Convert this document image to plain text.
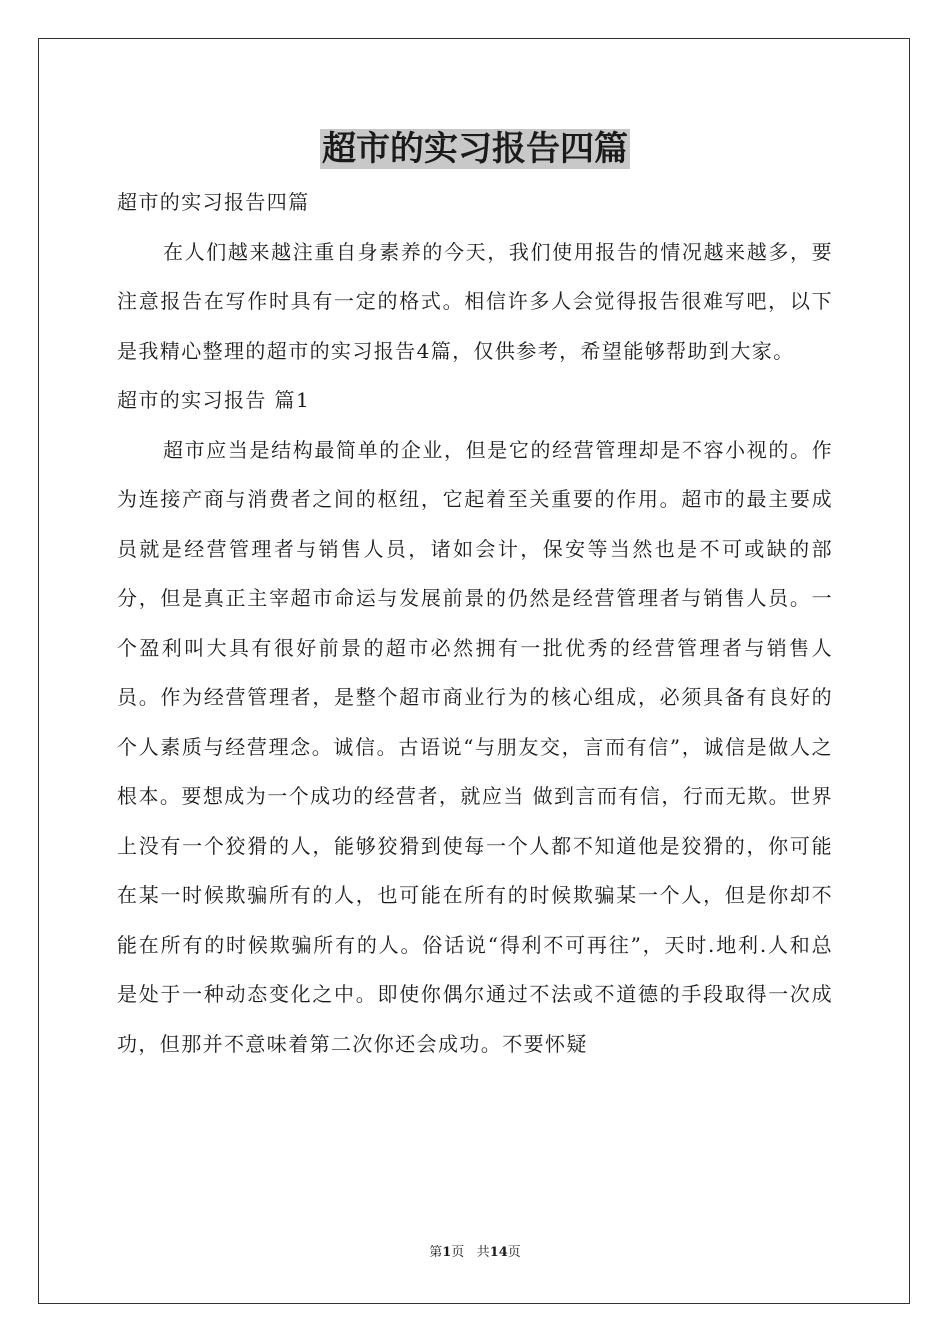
超市的实习报告四篇

超市的实习报告四篇

在人们越来越注重自身素养的今天，我们使用报告的情况越来越多，要注意报告在写作时具有一定的格式。相信许多人会觉得报告很难写吧，以下是我精心整理的超市的实习报告4篇，仅供参考，希望能够帮助到大家。

超市的实习报告 篇1

超市应当是结构最简单的企业，但是它的经营管理却是不容小视的。作为连接产商与消费者之间的枢纽，它起着至关重要的作用。超市的最主要成员就是经营管理者与销售人员，诸如会计，保安等当然也是不可或缺的部分，但是真正主宰超市命运与发展前景的仍然是经营管理者与销售人员。一个盈利叫大具有很好前景的超市必然拥有一批优秀的经营管理者与销售人员。作为经营管理者，是整个超市商业行为的核心组成，必须具备有良好的个人素质与经营理念。诚信。古语说“与朋友交，言而有信”，诚信是做人之根本。要想成为一个成功的经营者，就应当 做到言而有信，行而无欺。世界上没有一个狡猾的人，能够狡猾到使每一个人都不知道他是狡猾的，你可能在某一时候欺骗所有的人，也可能在所有的时候欺骗某一个人，但是你却不能在所有的时候欺骗所有的人。俗话说“得利不可再往”，天时.地利.人和总是处于一种动态变化之中。即使你偶尔通过不法或不道德的手段取得一次成功，但那并不意味着第二次你还会成功。不要怀疑

第1页 共14页
